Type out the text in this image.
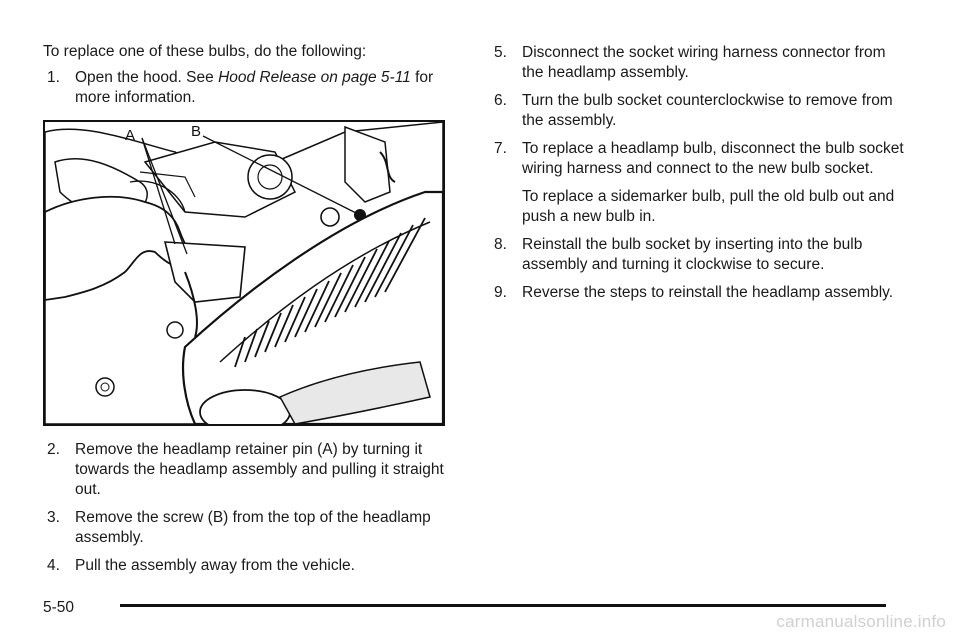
To replace one of these bulbs, do the following:
1. Open the hood. See Hood Release on page 5-11 for more information.
A	B
2. Remove the headlamp retainer pin (A) by turning it towards the headlamp assembly and pulling it straight out.
3. Remove the screw (B) from the top of the headlamp assembly.
4. Pull the assembly away from the vehicle.
5. Disconnect the socket wiring harness connector from the headlamp assembly.
6. Turn the bulb socket counterclockwise to remove from the assembly.
7. To replace a headlamp bulb, disconnect the bulb socket wiring harness and connect to the new bulb socket.

To replace a sidemarker bulb, pull the old bulb out and push a new bulb in.

8. Reinstall the bulb socket by inserting into the bulb assembly and turning it clockwise to secure.
9. Reverse the steps to reinstall the headlamp assembly.
5-50
carmanualsonline.info
